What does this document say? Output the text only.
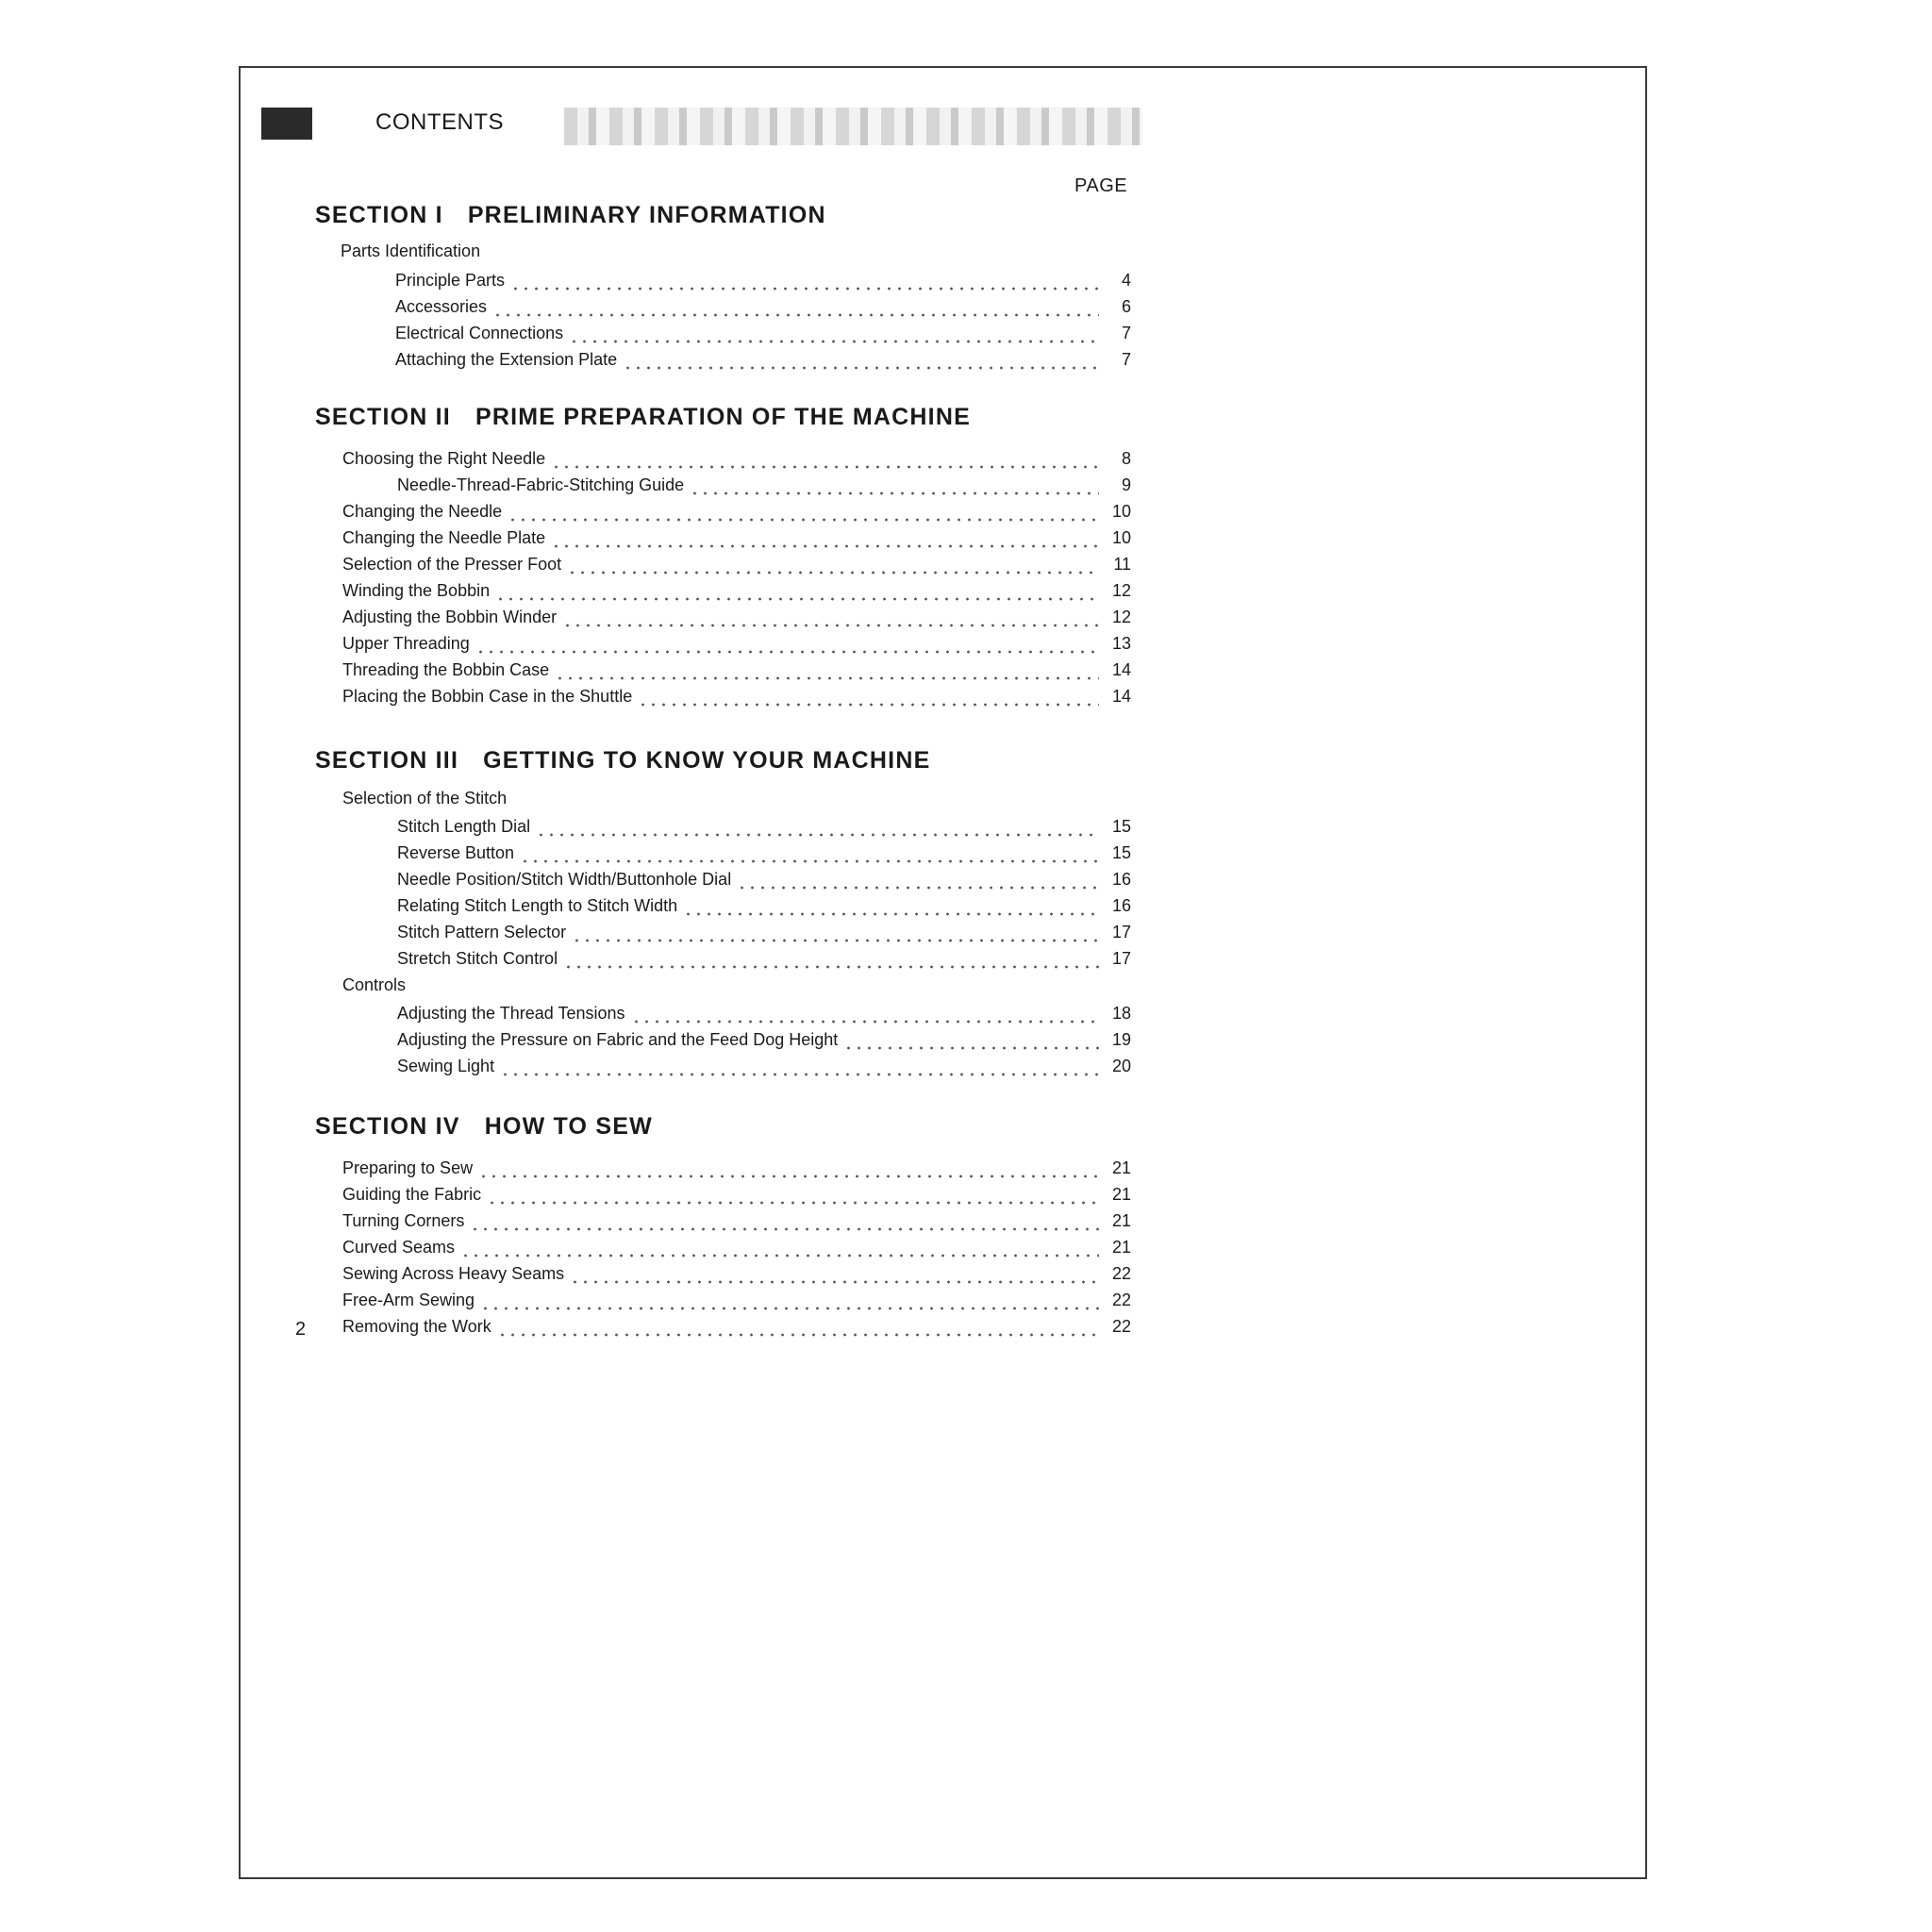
CONTENTS
PAGE
SECTION I PRELIMINARY INFORMATION
Parts Identification
Principle Parts	4
Accessories	6
Electrical Connections	7
Attaching the Extension Plate	7
SECTION II PRIME PREPARATION OF THE MACHINE
Choosing the Right Needle	8
Needle-Thread-Fabric-Stitching Guide	9
Changing the Needle	10
Changing the Needle Plate	10
Selection of the Presser Foot	11
Winding the Bobbin	12
Adjusting the Bobbin Winder	12
Upper Threading	13
Threading the Bobbin Case	14
Placing the Bobbin Case in the Shuttle	14
SECTION III GETTING TO KNOW YOUR MACHINE
Selection of the Stitch
Stitch Length Dial	15
Reverse Button	15
Needle Position/Stitch Width/Buttonhole Dial	16
Relating Stitch Length to Stitch Width	16
Stitch Pattern Selector	17
Stretch Stitch Control	17
Controls
Adjusting the Thread Tensions	18
Adjusting the Pressure on Fabric and the Feed Dog Height	19
Sewing Light	20
SECTION IV HOW TO SEW
Preparing to Sew	21
Guiding the Fabric	21
Turning Corners	21
Curved Seams	21
Sewing Across Heavy Seams	22
Free-Arm Sewing	22
Removing the Work	22
2
